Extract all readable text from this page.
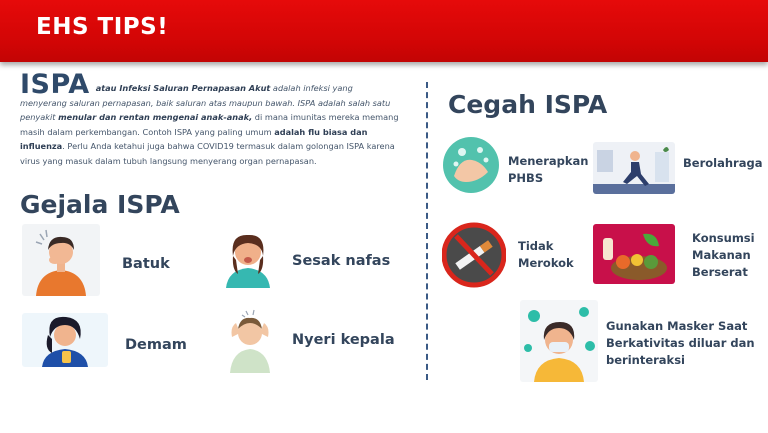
EHS TIPS!
ISPA atau Infeksi Saluran Pernapasan Akut adalah infeksi yang menyerang saluran pernapasan, baik saluran atas maupun bawah. ISPA adalah salah satu penyakit menular dan rentan mengenai anak-anak, di mana imunitas mereka memang masih dalam perkembangan. Contoh ISPA yang paling umum adalah flu biasa dan influenza. Perlu Anda ketahui juga bahwa COVID19 termasuk dalam golongan ISPA karena virus yang masuk dalam tubuh langsung menyerang organ pernapasan.
Gejala ISPA
Cegah ISPA
Batuk	Sesak nafas
Demam	Nyeri kepala
Menerapkan PHBS
Berolahraga
Tidak Merokok
Konsumsi Makanan Berserat
Gunakan Masker Saat Berkativitas diluar dan berinteraksi
